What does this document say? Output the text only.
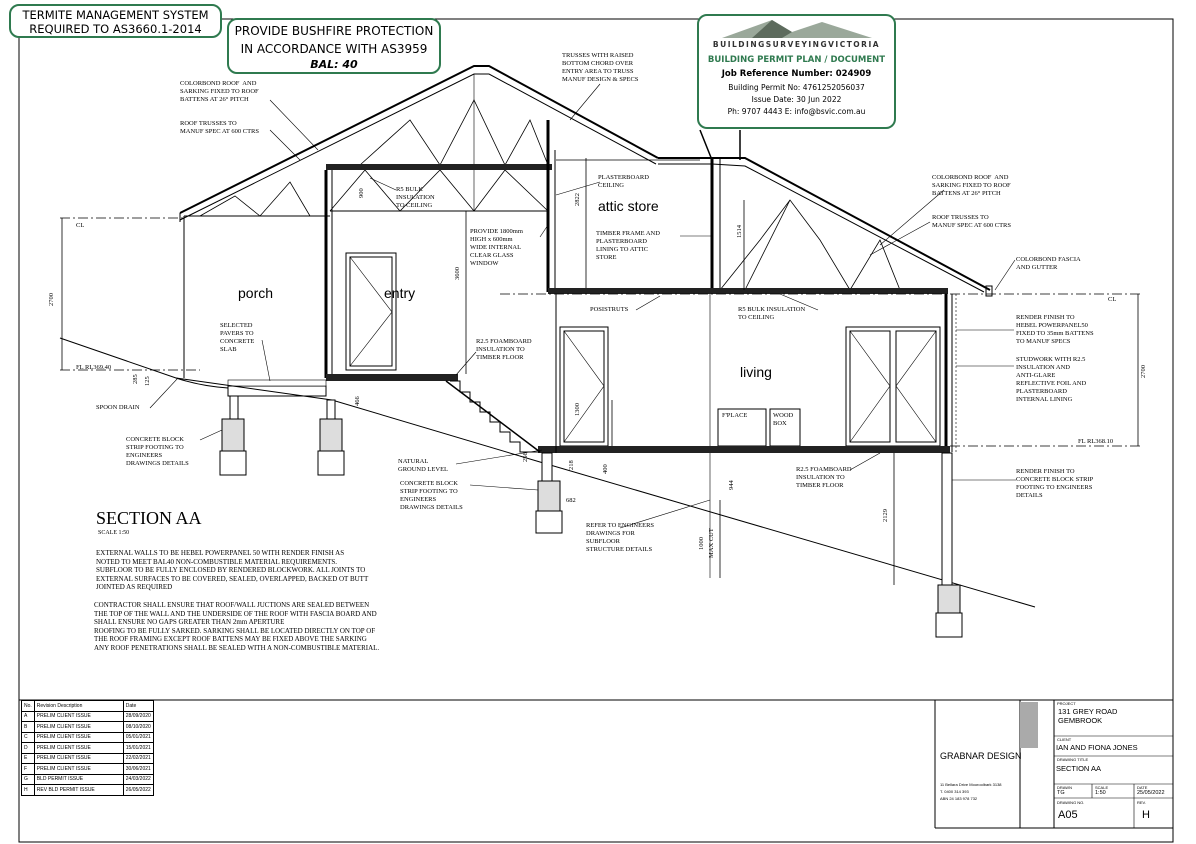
TERMITE MANAGEMENT SYSTEM
REQUIRED TO AS3660.1-2014	PROVIDE BUSHFIRE PROTECTION
IN ACCORDANCE WITH AS3959
BAL: 40
BUILDINGSURVEYINGVICTORIA
BUILDING PERMIT PLAN / DOCUMENT
Job Reference Number: 024909
Building Permit No: 4761252056037
Issue Date: 30 Jun 2022
Ph: 9707 4443 E: info@bsvic.com.au
porch	entry
attic store
living
COLORBOND ROOF  AND
SARKING FIXED TO ROOF
BATTENS AT 26° PITCH
ROOF TRUSSES TO
MANUF SPEC AT 600 CTRS
TRUSSES WITH RAISED
BOTTOM CHORD OVER
ENTRY AREA TO TRUSS
MANUF DESIGN & SPECS
R5 BULK
INSULATION
TO CEILING
PLASTERBOARD
CEILING
PROVIDE 1800mm
HIGH x 600mm
WIDE INTERNAL
CLEAR GLASS
WINDOW
TIMBER FRAME AND
PLASTERBOARD
LINING TO ATTIC
STORE
COLORBOND ROOF  AND
SARKING FIXED TO ROOF
BATTENS AT 26° PITCH
ROOF TRUSSES TO
MANUF SPEC AT 600 CTRS
COLORBOND FASCIA
AND GUTTER
SELECTED
PAVERS TO
CONCRETE
SLAB
R2.5 FOAMBOARD
INSULATION TO
TIMBER FLOOR
POSISTRUTS	R5 BULK INSULATION
TO CEILING	RENDER FINISH TO
HEBEL POWERPANEL50
FIXED TO 35mm BATTENS
TO MANUF SPECS
STUDWORK WITH R2.5
INSULATION AND
ANTI-GLARE
REFLECTIVE FOIL AND
PLASTERBOARD
INTERNAL LINING
SPOON DRAIN
CONCRETE BLOCK
STRIP FOOTING TO
ENGINEERS
DRAWINGS DETAILS	NATURAL
GROUND LEVEL
CONCRETE BLOCK
STRIP FOOTING TO
ENGINEERS
DRAWINGS DETAILS
F'PLACE	WOOD
BOX
R2.5 FOAMBOARD
INSULATION TO
TIMBER FLOOR
RENDER FINISH TO
CONCRETE BLOCK STRIP
FOOTING TO ENGINEERS
DETAILS
REFER TO ENGINEERS
DRAWINGS FOR
SUBFLOOR
STRUCTURE DETAILS	MAX CUT
CL
CL
FL RL369.40
FL RL368.10
2700
2700
3600
2822
1514
900
285 125
466
1300
256
218	400
682
944
1000
2129
SECTION AA
SCALE 1:50
EXTERNAL WALLS TO BE HEBEL POWERPANEL 50 WITH RENDER FINISH AS
NOTED TO MEET BAL40 NON-COMBUSTIBLE MATERIAL REQUIREMENTS.
SUBFLOOR TO BE FULLY ENCLOSED BY RENDERED BLOCKWORK. ALL JOINTS TO
EXTERNAL SURFACES TO BE COVERED, SEALED, OVERLAPPED, BACKED OT BUTT
JOINTED AS REQUIRED
CONTRACTOR SHALL ENSURE THAT ROOF/WALL JUCTIONS ARE SEALED BETWEEN
THE TOP OF THE WALL AND THE UNDERSIDE OF THE ROOF WITH FASCIA BOARD AND
SHALL ENSURE NO GAPS GREATER THAN 2mm APERTURE
ROOFING TO BE FULLY SARKED. SARKING SHALL BE LOCATED DIRECTLY ON TOP OF
THE ROOF FRAMING EXCEPT ROOF BATTENS MAY BE FIXED ABOVE THE SARKING
ANY ROOF PENETRATIONS SHALL BE SEALED WITH A NON-COMBUSTIBLE MATERIAL.
No.	Revision Description	Date
A	PRELIM CLIENT ISSUE	28/09/2020
B	PRELIM CLIENT ISSUE	08/10/2020
C	PRELIM CLIENT ISSUE	05/01/2021
D	PRELIM CLIENT ISSUE	15/01/2021
E	PRELIM CLIENT ISSUE	22/02/2021
F	PRELIM CLIENT ISSUE	30/06/2021
G	BLD PERMIT ISSUE	24/03/2022
H	REV BLD PERMIT ISSUE	26/05/2022
GRABNAR DESIGN
11 Bellara Drive Mooroolbark 3138
T. 0400 314 393
ABN 24 183 978 732
PROJECT
131 GREY ROAD
GEMBROOK
CLIENT
IAN AND FIONA JONES
DRAWING TITLE
SECTION AA
DRAWN
TG
SCALE
1:50
DATE
25/05/2022
DRAWING NO.
A05
REV.
H
